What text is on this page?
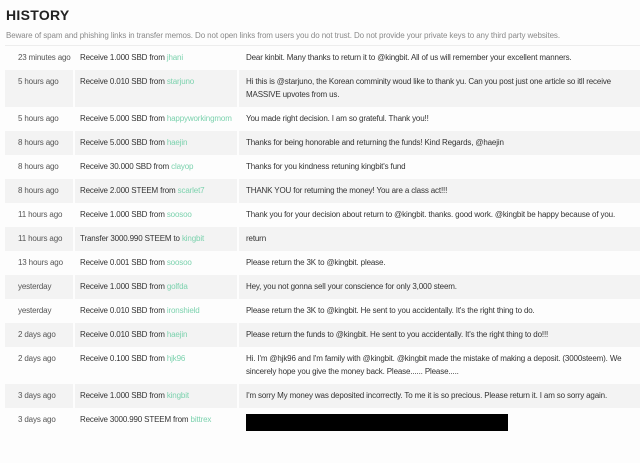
HISTORY

Beware of spam and phishing links in transfer memos. Do not open links from users you do not trust. Do not provide your private keys to any third party websites.

23 minutes ago	Receive 1.000 SBD from jhani	Dear kinbit. Many thanks to return it to @kingbit. All of us will remember your excellent manners.
5 hours ago	Receive 0.010 SBD from starjuno	Hi this is @starjuno, the Korean comminity woud like to thank yu. Can you post just one article so itll receive MASSIVE upvotes from us.
5 hours ago	Receive 5.000 SBD from happyworkingmom	You made right decision. I am so grateful. Thank you!!
8 hours ago	Receive 5.000 SBD from haejin	Thanks for being honorable and returning the funds! Kind Regards, @haejin
8 hours ago	Receive 30.000 SBD from clayop	Thanks for you kindness retuning kingbit's fund
8 hours ago	Receive 2.000 STEEM from scarlet7	THANK YOU for returning the money! You are a class act!!!
11 hours ago	Receive 1.000 SBD from soosoo	Thank you for your decision about return to @kingbit. thanks. good work. @kingbit be happy because of you.
11 hours ago	Transfer 3000.990 STEEM to kingbit	return
13 hours ago	Receive 0.001 SBD from soosoo	Please return the 3K to @kingbit. please.
yesterday	Receive 1.000 SBD from golfda	Hey, you not gonna sell your conscience for only 3,000 steem.
yesterday	Receive 0.010 SBD from ironshield	Please return the 3K to @kingbit. He sent to you accidentally. It's the right thing to do.
2 days ago	Receive 0.010 SBD from haejin	Please return the funds to @kingbit. He sent to you accidentally. It's the right thing to do!!!
2 days ago	Receive 0.100 SBD from hjk96	Hi. I'm @hjk96 and I'm family with @kingbit. @kingbit made the mistake of making a deposit. (3000steem). We sincerely hope you give the money back. Please...... Please.....
3 days ago	Receive 1.000 SBD from kingbit	I'm sorry My money was deposited incorrectly. To me it is so precious. Please return it. I am so sorry again.
3 days ago	Receive 3000.990 STEEM from bittrex
